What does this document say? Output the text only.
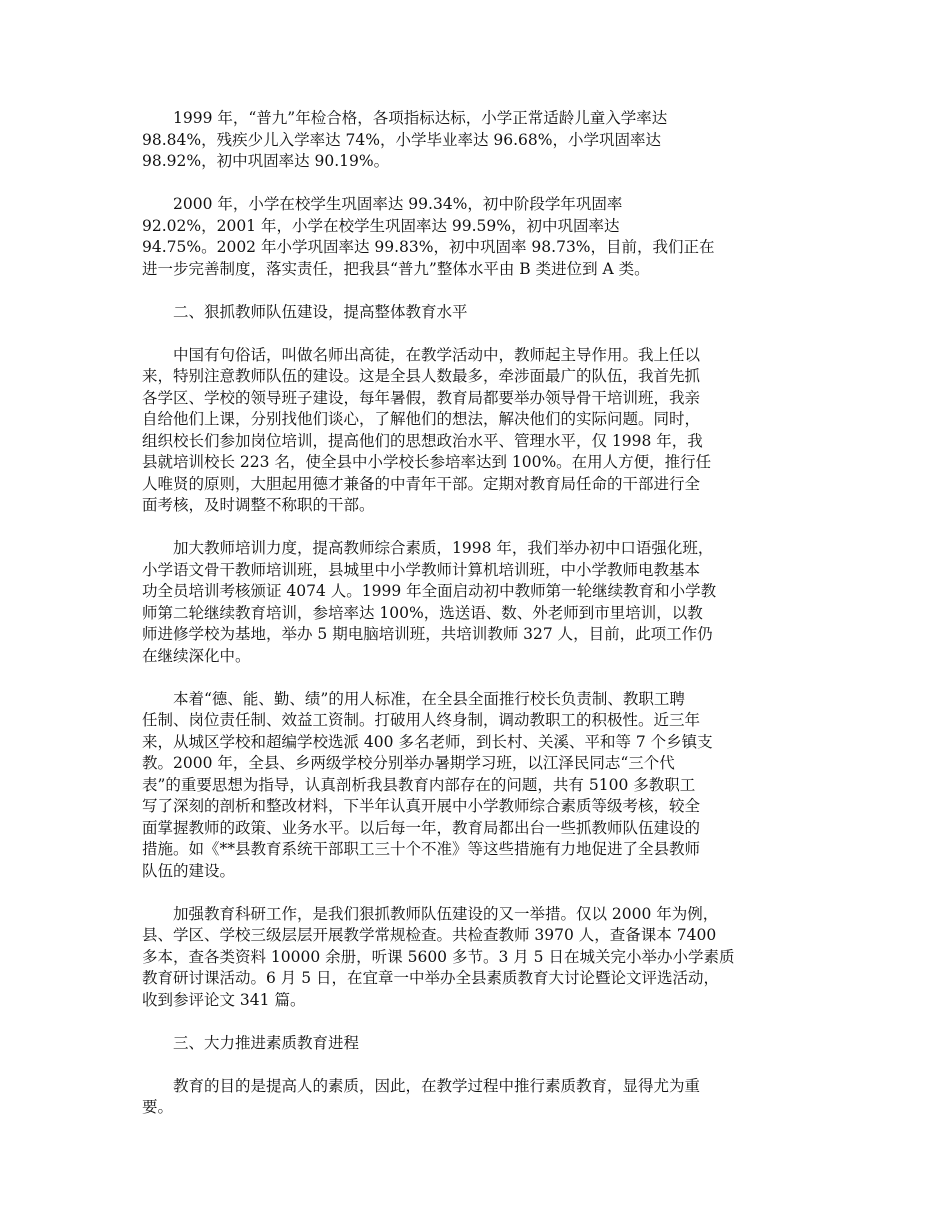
1999 年，“普九”年检合格，各项指标达标，小学正常适龄儿童入学率达
98.84%，残疾少儿入学率达 74%，小学毕业率达 96.68%，小学巩固率达
98.92%，初中巩固率达 90.19%。
2000 年，小学在校学生巩固率达 99.34%，初中阶段学年巩固率
92.02%，2001 年，小学在校学生巩固率达 99.59%，初中巩固率达
94.75%。2002 年小学巩固率达 99.83%，初中巩固率 98.73%，目前，我们正在
进一步完善制度，落实责任，把我县“普九”整体水平由 B 类进位到 A 类。
二、狠抓教师队伍建设，提高整体教育水平
中国有句俗话，叫做名师出高徒，在教学活动中，教师起主导作用。我上任以
来，特别注意教师队伍的建设。这是全县人数最多，牵涉面最广的队伍，我首先抓
各学区、学校的领导班子建设，每年暑假，教育局都要举办领导骨干培训班，我亲
自给他们上课，分别找他们谈心，了解他们的想法，解决他们的实际问题。同时，
组织校长们参加岗位培训，提高他们的思想政治水平、管理水平，仅 1998 年，我
县就培训校长 223 名，使全县中小学校长参培率达到 100%。在用人方便，推行任
人唯贤的原则，大胆起用德才兼备的中青年干部。定期对教育局任命的干部进行全
面考核，及时调整不称职的干部。
加大教师培训力度，提高教师综合素质，1998 年，我们举办初中口语强化班，
小学语文骨干教师培训班，县城里中小学教师计算机培训班，中小学教师电教基本
功全员培训考核颁证 4074 人。1999 年全面启动初中教师第一轮继续教育和小学教
师第二轮继续教育培训，参培率达 100%，选送语、数、外老师到市里培训，以教
师进修学校为基地，举办 5 期电脑培训班，共培训教师 327 人，目前，此项工作仍
在继续深化中。
本着“德、能、勤、绩”的用人标准，在全县全面推行校长负责制、教职工聘
任制、岗位责任制、效益工资制。打破用人终身制，调动教职工的积极性。近三年
来，从城区学校和超编学校选派 400 多名老师，到长村、关溪、平和等 7 个乡镇支
教。2000 年，全县、乡两级学校分别举办暑期学习班，以江泽民同志“三个代
表”的重要思想为指导，认真剖析我县教育内部存在的问题，共有 5100 多教职工
写了深刻的剖析和整改材料，下半年认真开展中小学教师综合素质等级考核，较全
面掌握教师的政策、业务水平。以后每一年，教育局都出台一些抓教师队伍建设的
措施。如《**县教育系统干部职工三十个不准》等这些措施有力地促进了全县教师
队伍的建设。
加强教育科研工作，是我们狠抓教师队伍建设的又一举措。仅以 2000 年为例，
县、学区、学校三级层层开展教学常规检查。共检查教师 3970 人，查备课本 7400
多本，查各类资料 10000 余册，听课 5600 多节。3 月 5 日在城关完小举办小学素质
教育研讨课活动。6 月 5 日，在宜章一中举办全县素质教育大讨论暨论文评选活动，
收到参评论文 341 篇。
三、大力推进素质教育进程
教育的目的是提高人的素质，因此，在教学过程中推行素质教育，显得尤为重
要。
